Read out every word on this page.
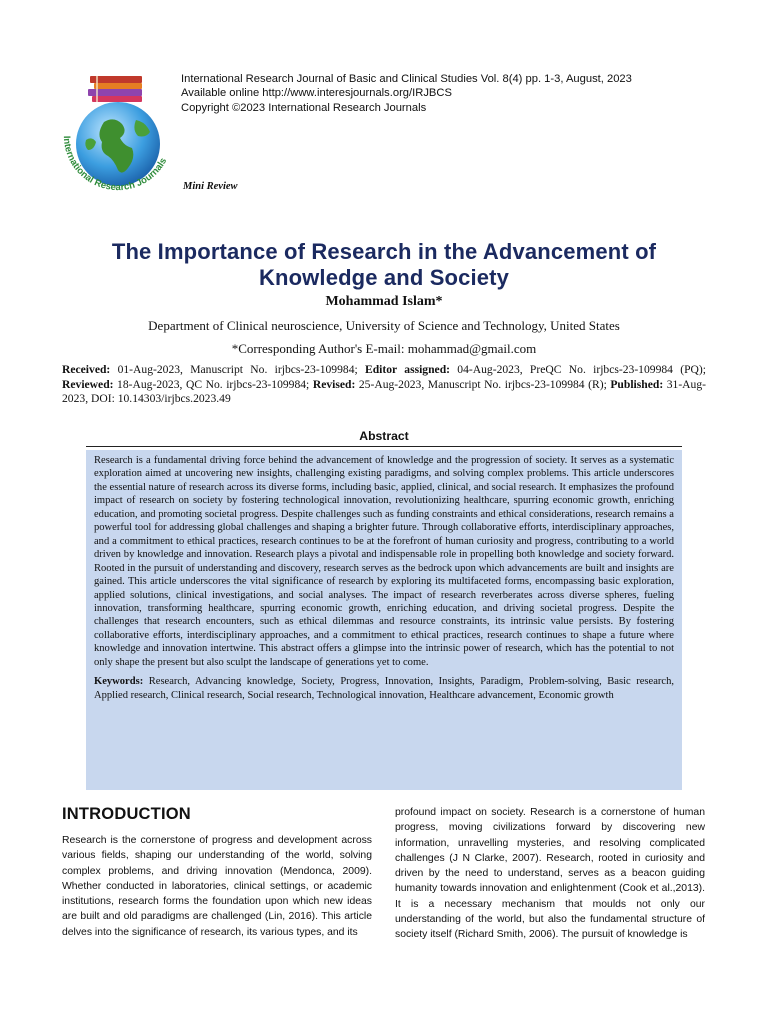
International Research Journals
International Research Journal of Basic and Clinical Studies Vol. 8(4) pp. 1-3, August, 2023
Available online http://www.interesjournals.org/IRJBCS
Copyright ©2023 International Research Journals
Mini Review
The Importance of Research in the Advancement of
Knowledge and Society
Mohammad Islam*
Department of Clinical neuroscience, University of Science and Technology, United States
*Corresponding Author's E-mail: mohammad@gmail.com
Received: 01-Aug-2023, Manuscript No. irjbcs-23-109984; Editor assigned: 04-Aug-2023, PreQC No. irjbcs-23-109984 (PQ); Reviewed: 18-Aug-2023, QC No. irjbcs-23-109984; Revised: 25-Aug-2023, Manuscript No. irjbcs-23-109984 (R); Published: 31-Aug-2023, DOI: 10.14303/irjbcs.2023.49
Abstract
Research is a fundamental driving force behind the advancement of knowledge and the progression of society. It serves as a systematic exploration aimed at uncovering new insights, challenging existing paradigms, and solving complex problems. This article underscores the essential nature of research across its diverse forms, including basic, applied, clinical, and social research. It emphasizes the profound impact of research on society by fostering technological innovation, revolutionizing healthcare, spurring economic growth, enriching education, and promoting societal progress. Despite challenges such as funding constraints and ethical considerations, research remains a powerful tool for addressing global challenges and shaping a brighter future. Through collaborative efforts, interdisciplinary approaches, and a commitment to ethical practices, research continues to be at the forefront of human curiosity and progress, contributing to a world driven by knowledge and innovation. Research plays a pivotal and indispensable role in propelling both knowledge and society forward. Rooted in the pursuit of understanding and discovery, research serves as the bedrock upon which advancements are built and insights are gained. This article underscores the vital significance of research by exploring its multifaceted forms, encompassing basic exploration, applied solutions, clinical investigations, and social analyses. The impact of research reverberates across diverse spheres, fueling innovation, transforming healthcare, spurring economic growth, enriching education, and driving societal progress. Despite the challenges that research encounters, such as ethical dilemmas and resource constraints, its intrinsic value persists. By fostering collaborative efforts, interdisciplinary approaches, and a commitment to ethical practices, research continues to shape a future where knowledge and innovation intertwine. This abstract offers a glimpse into the intrinsic power of research, which has the potential to not only shape the present but also sculpt the landscape of generations yet to come.
Keywords: Research, Advancing knowledge, Society, Progress, Innovation, Insights, Paradigm, Problem-solving, Basic research, Applied research, Clinical research, Social research, Technological innovation, Healthcare advancement, Economic growth
INTRODUCTION
Research is the cornerstone of progress and development across various fields, shaping our understanding of the world, solving complex problems, and driving innovation (Mendonca, 2009). Whether conducted in laboratories, clinical settings, or academic institutions, research forms the foundation upon which new ideas are built and old paradigms are challenged (Lin, 2016). This article delves into the significance of research, its various types, and its
profound impact on society. Research is a cornerstone of human progress, moving civilizations forward by discovering new information, unravelling mysteries, and resolving complicated challenges (J N Clarke, 2007). Research, rooted in curiosity and driven by the need to understand, serves as a beacon guiding humanity towards innovation and enlightenment (Cook et al.,2013). It is a necessary mechanism that moulds not only our understanding of the world, but also the fundamental structure of society itself (Richard Smith, 2006). The pursuit of knowledge is
